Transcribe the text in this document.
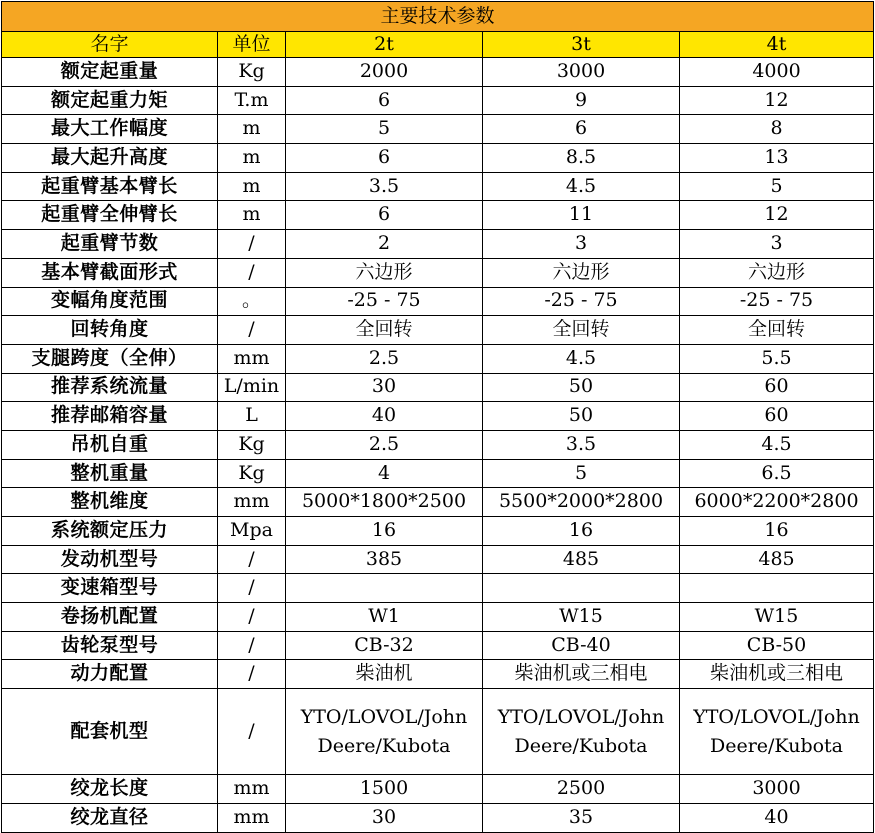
主要技术参数				
名字	单位	2t	3t	4t
额定起重量	Kg	2000	3000	4000
额定起重力矩	T.m	6	9	12
最大工作幅度	m	5	6	8
最大起升高度	m	6	8.5	13
起重臂基本臂长	m	3.5	4.5	5
起重臂全伸臂长	m	6	11	12
起重臂节数	/	2	3	3
基本臂截面形式	/	六边形	六边形	六边形
变幅角度范围	。	-25 - 75	-25 - 75	-25 - 75
回转角度	/	全回转	全回转	全回转
支腿跨度（全伸）	mm	2.5	4.5	5.5
推荐系统流量	L/min	30	50	60
推荐邮箱容量	L	40	50	60
吊机自重	Kg	2.5	3.5	4.5
整机重量	Kg	4	5	6.5
整机维度	mm	5000*1800*2500	5500*2000*2800	6000*2200*2800
系统额定压力	Mpa	16	16	16
发动机型号	/	385	485	485
变速箱型号	/			
卷扬机配置	/	W1	W15	W15
齿轮泵型号	/	CB-32	CB-40	CB-50
动力配置	/	柴油机	柴油机或三相电	柴油机或三相电
配套机型	/	YTO/LOVOL/John Deere/Kubota	YTO/LOVOL/John Deere/Kubota	YTO/LOVOL/John Deere/Kubota
绞龙长度	mm	1500	2500	3000
绞龙直径	mm	30	35	40
